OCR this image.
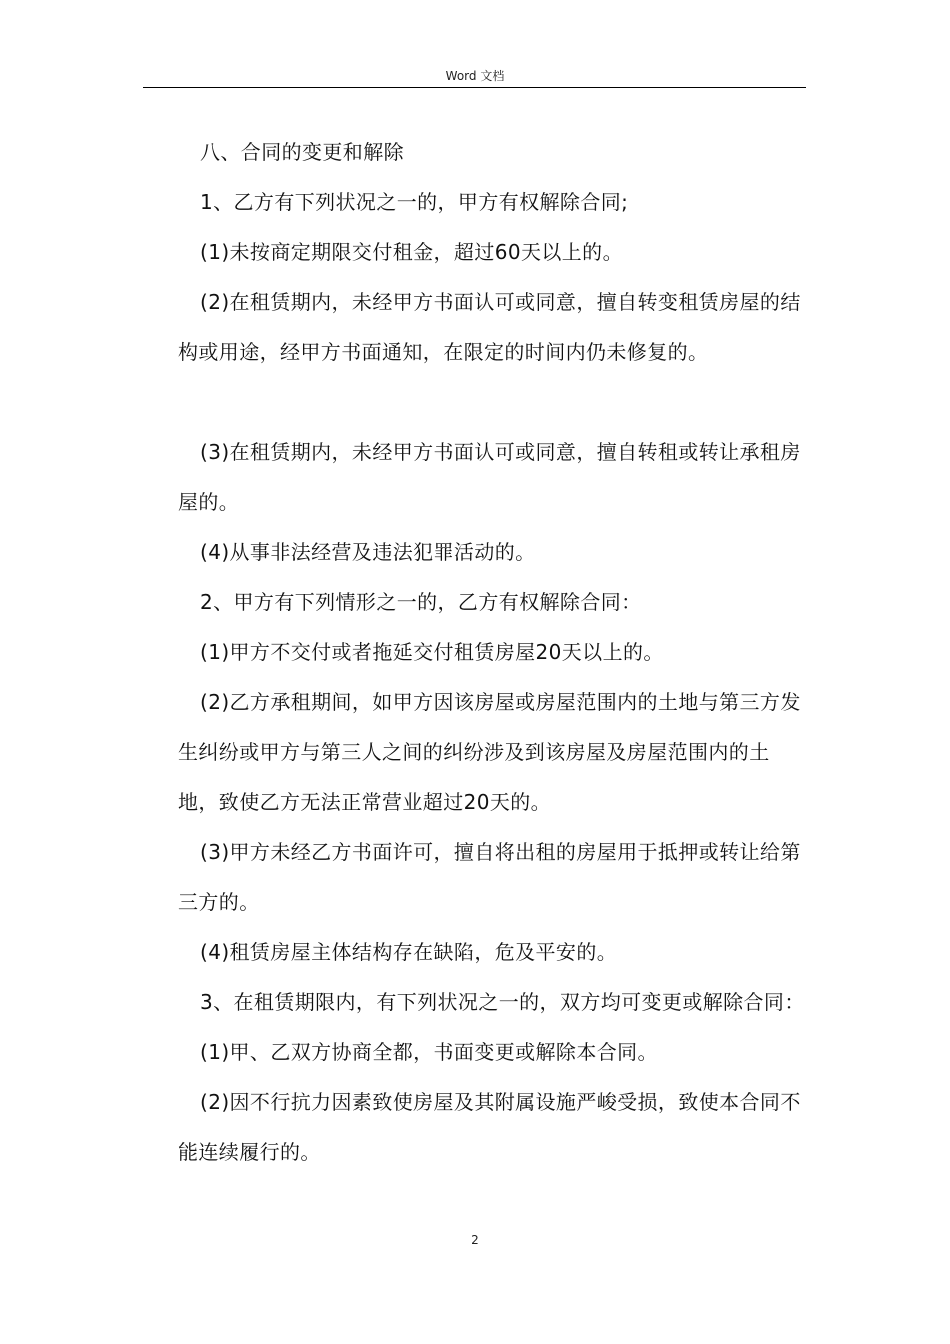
Word 文档

八、合同的变更和解除

1、乙方有下列状况之一的，甲方有权解除合同;

(1)未按商定期限交付租金，超过60天以上的。

(2)在租赁期内，未经甲方书面认可或同意，擅自转变租赁房屋的结构或用途，经甲方书面通知，在限定的时间内仍未修复的。

(3)在租赁期内，未经甲方书面认可或同意，擅自转租或转让承租房屋的。

(4)从事非法经营及违法犯罪活动的。

2、甲方有下列情形之一的，乙方有权解除合同：

(1)甲方不交付或者拖延交付租赁房屋20天以上的。

(2)乙方承租期间，如甲方因该房屋或房屋范围内的土地与第三方发生纠纷或甲方与第三人之间的纠纷涉及到该房屋及房屋范围内的土地，致使乙方无法正常营业超过20天的。

(3)甲方未经乙方书面许可，擅自将出租的房屋用于抵押或转让给第三方的。

(4)租赁房屋主体结构存在缺陷，危及平安的。

3、在租赁期限内，有下列状况之一的，双方均可变更或解除合同：

(1)甲、乙双方协商全都，书面变更或解除本合同。

(2)因不行抗力因素致使房屋及其附属设施严峻受损，致使本合同不能连续履行的。

2
